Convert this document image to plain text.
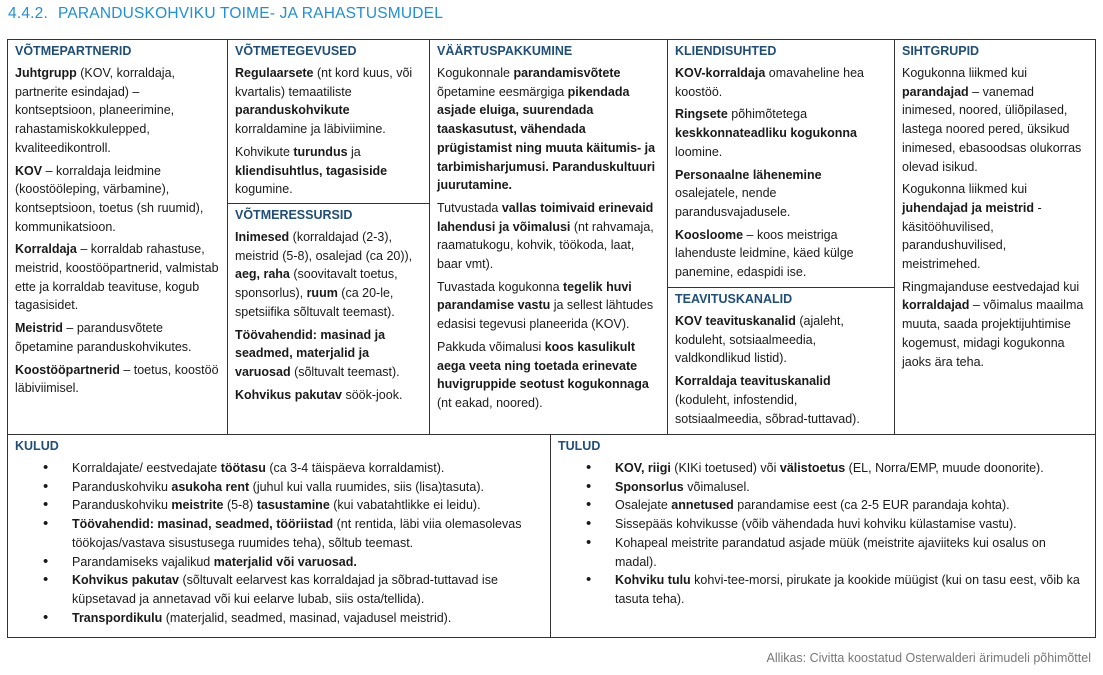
4.4.2. PARANDUSKOHVIKU TOIME- JA RAHASTUSMUDEL
VÕTMEPARTNERID
Juhtgrupp (KOV, korraldaja, partnerite esindajad) – kontseptsioon, planeerimine, rahastamiskokkulepped, kvaliteedikontroll.
KOV – korraldaja leidmine (koostööleping, värbamine), kontseptsioon, toetus (sh ruumid), kommunikatsioon.
Korraldaja – korraldab rahastuse, meistrid, koostööpartnerid, valmistab ette ja korraldab teavituse, kogub tagasisidet.
Meistrid – parandusvõtete õpetamine paranduskohvikutes.
Koostööpartnerid – toetus, koostöö läbiviimisel.
VÕTMETEGEVUSED
Regulaarsete (nt kord kuus, või kvartalis) temaatiliste paranduskohvikute korraldamine ja läbiviimine.
Kohvikute turundus ja kliendisuhtlus, tagasiside kogumine.
VÕTMERESSURSID
Inimesed (korraldajad (2-3), meistrid (5-8), osalejad (ca 20)), aeg, raha (soovitavalt toetus, sponsorlus), ruum (ca 20-le, spetsiifika sõltuvalt teemast).
Töövahendid: masinad ja seadmed, materjalid ja varuosad (sõltuvalt teemast).
Kohvikus pakutav söök-jook.
VÄÄRTUSPAKKUMINE
Kogukonnale parandamisvõtete õpetamine eesmärgiga pikendada asjade eluiga, suurendada taaskasutust, vähendada prügistamist ning muuta käitumis- ja tarbimisharjumusi. Paranduskultuuri juurutamine.
Tutvustada vallas toimivaid erinevaid lahendusi ja võimalusi (nt rahvamaja, raamatukogu, kohvik, töökoda, laat, baar vmt).
Tuvastada kogukonna tegelik huvi parandamise vastu ja sellest lähtudes edasisi tegevusi planeerida (KOV).
Pakkuda võimalusi koos kasulikult aega veeta ning toetada erinevate huvigruppide seotust kogukonnaga (nt eakad, noored).
KLIENDISUHTED
KOV-korraldaja omavaheline hea koostöö.
Ringsete põhimõtetega keskkonnateadliku kogukonna loomine.
Personaalne lähenemine osalejatele, nende parandusvajadusele.
Koosloome – koos meistriga lahenduste leidmine, käed külge panemine, edaspidi ise.
TEAVITUSKANALID
KOV teavituskanalid (ajaleht, koduleht, sotsiaalmeedia, valdkondlikud listid).
Korraldaja teavituskanalid (koduleht, infostendid, sotsiaalmeedia, sõbrad-tuttavad).
SIHTGRUPID
Kogukonna liikmed kui parandajad – vanemad inimesed, noored, üliõpilased, lastega noored pered, üksikud inimesed, ebasoodsas olukorras olevad isikud.
Kogukonna liikmed kui juhendajad ja meistrid - käsitööhuvilised, parandushuvilised, meistrimehed.
Ringmajanduse eestvedajad kui korraldajad – võimalus maailma muuta, saada projektijuhtimise kogemust, midagi kogukonna jaoks ära teha.
KULUD
• Korraldajate/ eestvedajate töötasu (ca 3-4 täispäeva korraldamist).
• Paranduskohviku asukoha rent (juhul kui valla ruumides, siis (lisa)tasuta).
• Paranduskohviku meistrite (5-8) tasustamine (kui vabatahtlikke ei leidu).
• Töövahendid: masinad, seadmed, tööriistad (nt rentida, läbi viia olemasolevas töökojas/vastava sisustusega ruumides teha), sõltub teemast.
• Parandamiseks vajalikud materjalid või varuosad.
• Kohvikus pakutav (sõltuvalt eelarvest kas korraldajad ja sõbrad-tuttavad ise küpsetavad ja annetavad või kui eelarve lubab, siis osta/tellida).
• Transpordikulu (materjalid, seadmed, masinad, vajadusel meistrid).
TULUD
• KOV, riigi (KIKi toetused) või välistoetus (EL, Norra/EMP, muude doonorite).
• Sponsorlus võimalusel.
• Osalejate annetused parandamise eest (ca 2-5 EUR parandaja kohta).
• Sissepääs kohvikusse (võib vähendada huvi kohviku külastamise vastu).
• Kohapeal meistrite parandatud asjade müük (meistrite ajaviiteks kui osalus on madal).
• Kohviku tulu kohvi-tee-morsi, pirukate ja kookide müügist (kui on tasu eest, võib ka tasuta teha).
Allikas: Civitta koostatud Osterwalderi ärimudeli põhimõttel
